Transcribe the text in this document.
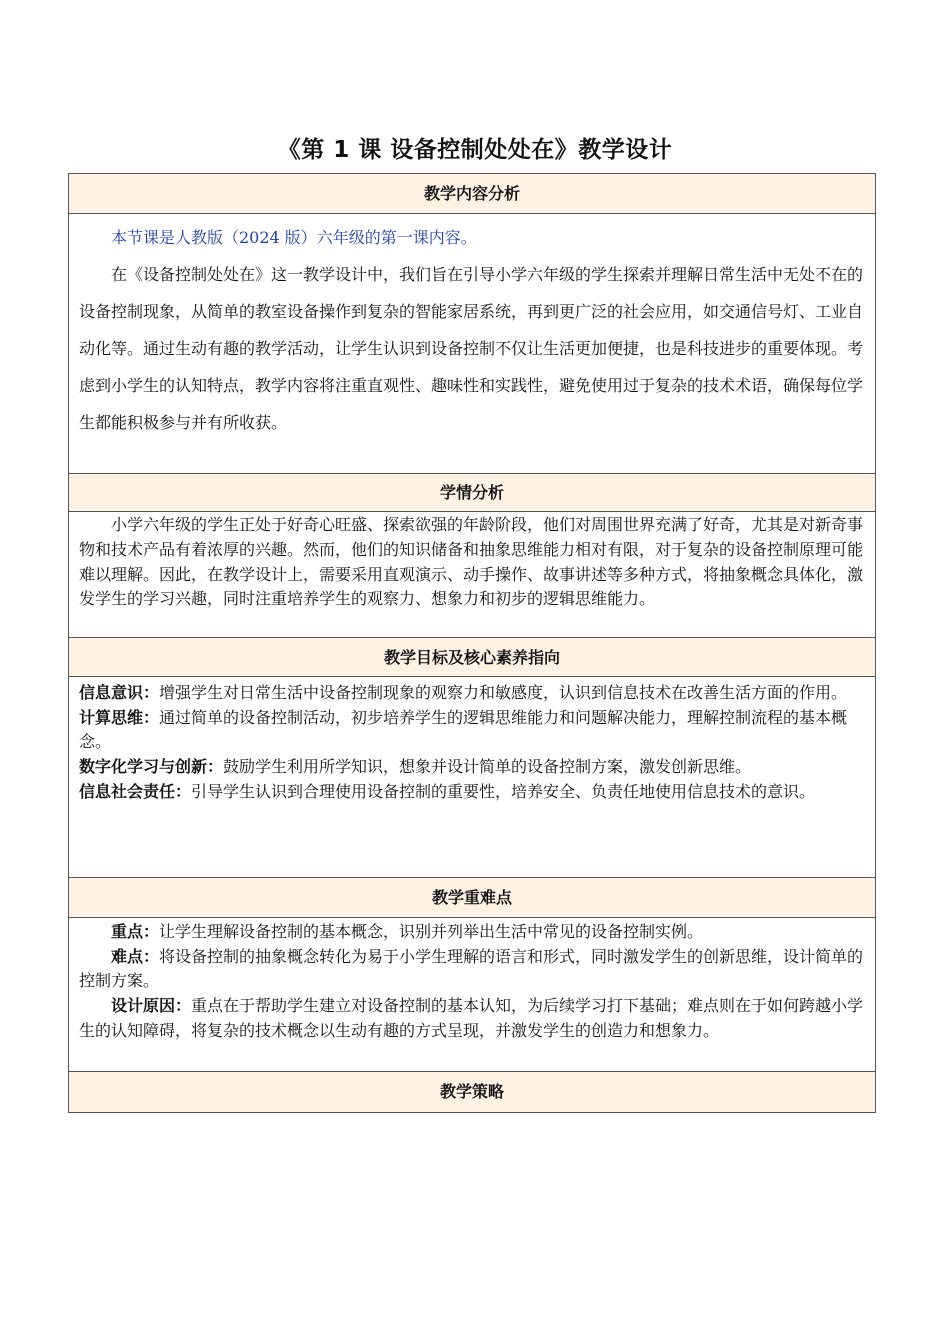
《第 1 课 设备控制处处在》教学设计
教学内容分析

本节课是人教版（2024 版）六年级的第一课内容。

在《设备控制处处在》这一教学设计中，我们旨在引导小学六年级的学生探索并理解日常生活中无处不在的设备控制现象，从简单的教室设备操作到复杂的智能家居系统，再到更广泛的社会应用，如交通信号灯、工业自动化等。通过生动有趣的教学活动，让学生认识到设备控制不仅让生活更加便捷，也是科技进步的重要体现。考虑到小学生的认知特点，教学内容将注重直观性、趣味性和实践性，避免使用过于复杂的技术术语，确保每位学生都能积极参与并有所收获。

学情分析

小学六年级的学生正处于好奇心旺盛、探索欲强的年龄阶段，他们对周围世界充满了好奇，尤其是对新奇事物和技术产品有着浓厚的兴趣。然而，他们的知识储备和抽象思维能力相对有限，对于复杂的设备控制原理可能难以理解。因此，在教学设计上，需要采用直观演示、动手操作、故事讲述等多种方式，将抽象概念具体化，激发学生的学习兴趣，同时注重培养学生的观察力、想象力和初步的逻辑思维能力。

教学目标及核心素养指向

信息意识：增强学生对日常生活中设备控制现象的观察力和敏感度，认识到信息技术在改善生活方面的作用。

计算思维：通过简单的设备控制活动，初步培养学生的逻辑思维能力和问题解决能力，理解控制流程的基本概念。

数字化学习与创新：鼓励学生利用所学知识，想象并设计简单的设备控制方案，激发创新思维。

信息社会责任：引导学生认识到合理使用设备控制的重要性，培养安全、负责任地使用信息技术的意识。

教学重难点

重点：让学生理解设备控制的基本概念，识别并列举出生活中常见的设备控制实例。

难点：将设备控制的抽象概念转化为易于小学生理解的语言和形式，同时激发学生的创新思维，设计简单的控制方案。

设计原因：重点在于帮助学生建立对设备控制的基本认知，为后续学习打下基础；难点则在于如何跨越小学生的认知障碍，将复杂的技术概念以生动有趣的方式呈现，并激发学生的创造力和想象力。

教学策略
